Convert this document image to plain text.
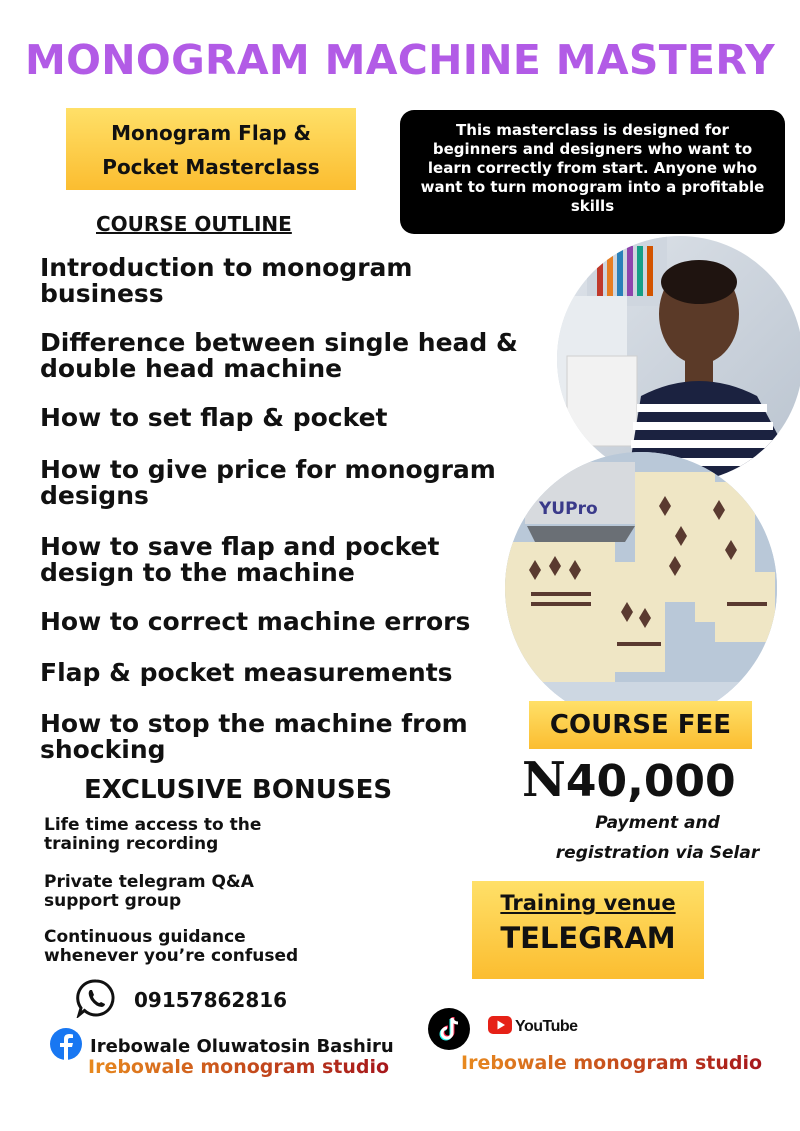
MONOGRAM MACHINE MASTERY
Monogram Flap &
Pocket Masterclass
This masterclass is designed for beginners and designers who want to learn correctly from start. Anyone who want to turn monogram into a profitable skills
COURSE OUTLINE
Introduction to monogram
business
Difference between single head &
double head machine
How to set flap & pocket
How to give price for monogram
designs
How to save flap and pocket
design to the machine
How to correct machine errors
Flap & pocket measurements
How to stop the machine from
shocking
YUPro
COURSE FEE
N40,000
Payment and
registration via Selar
EXCLUSIVE BONUSES
Life time access to the
training recording
Private telegram Q&A
support group
Continuous guidance
whenever you’re confused
Training venue
TELEGRAM
09157862816
Irebowale Oluwatosin Bashiru
Irebowale monogram studio
YouTube
Irebowale monogram studio
